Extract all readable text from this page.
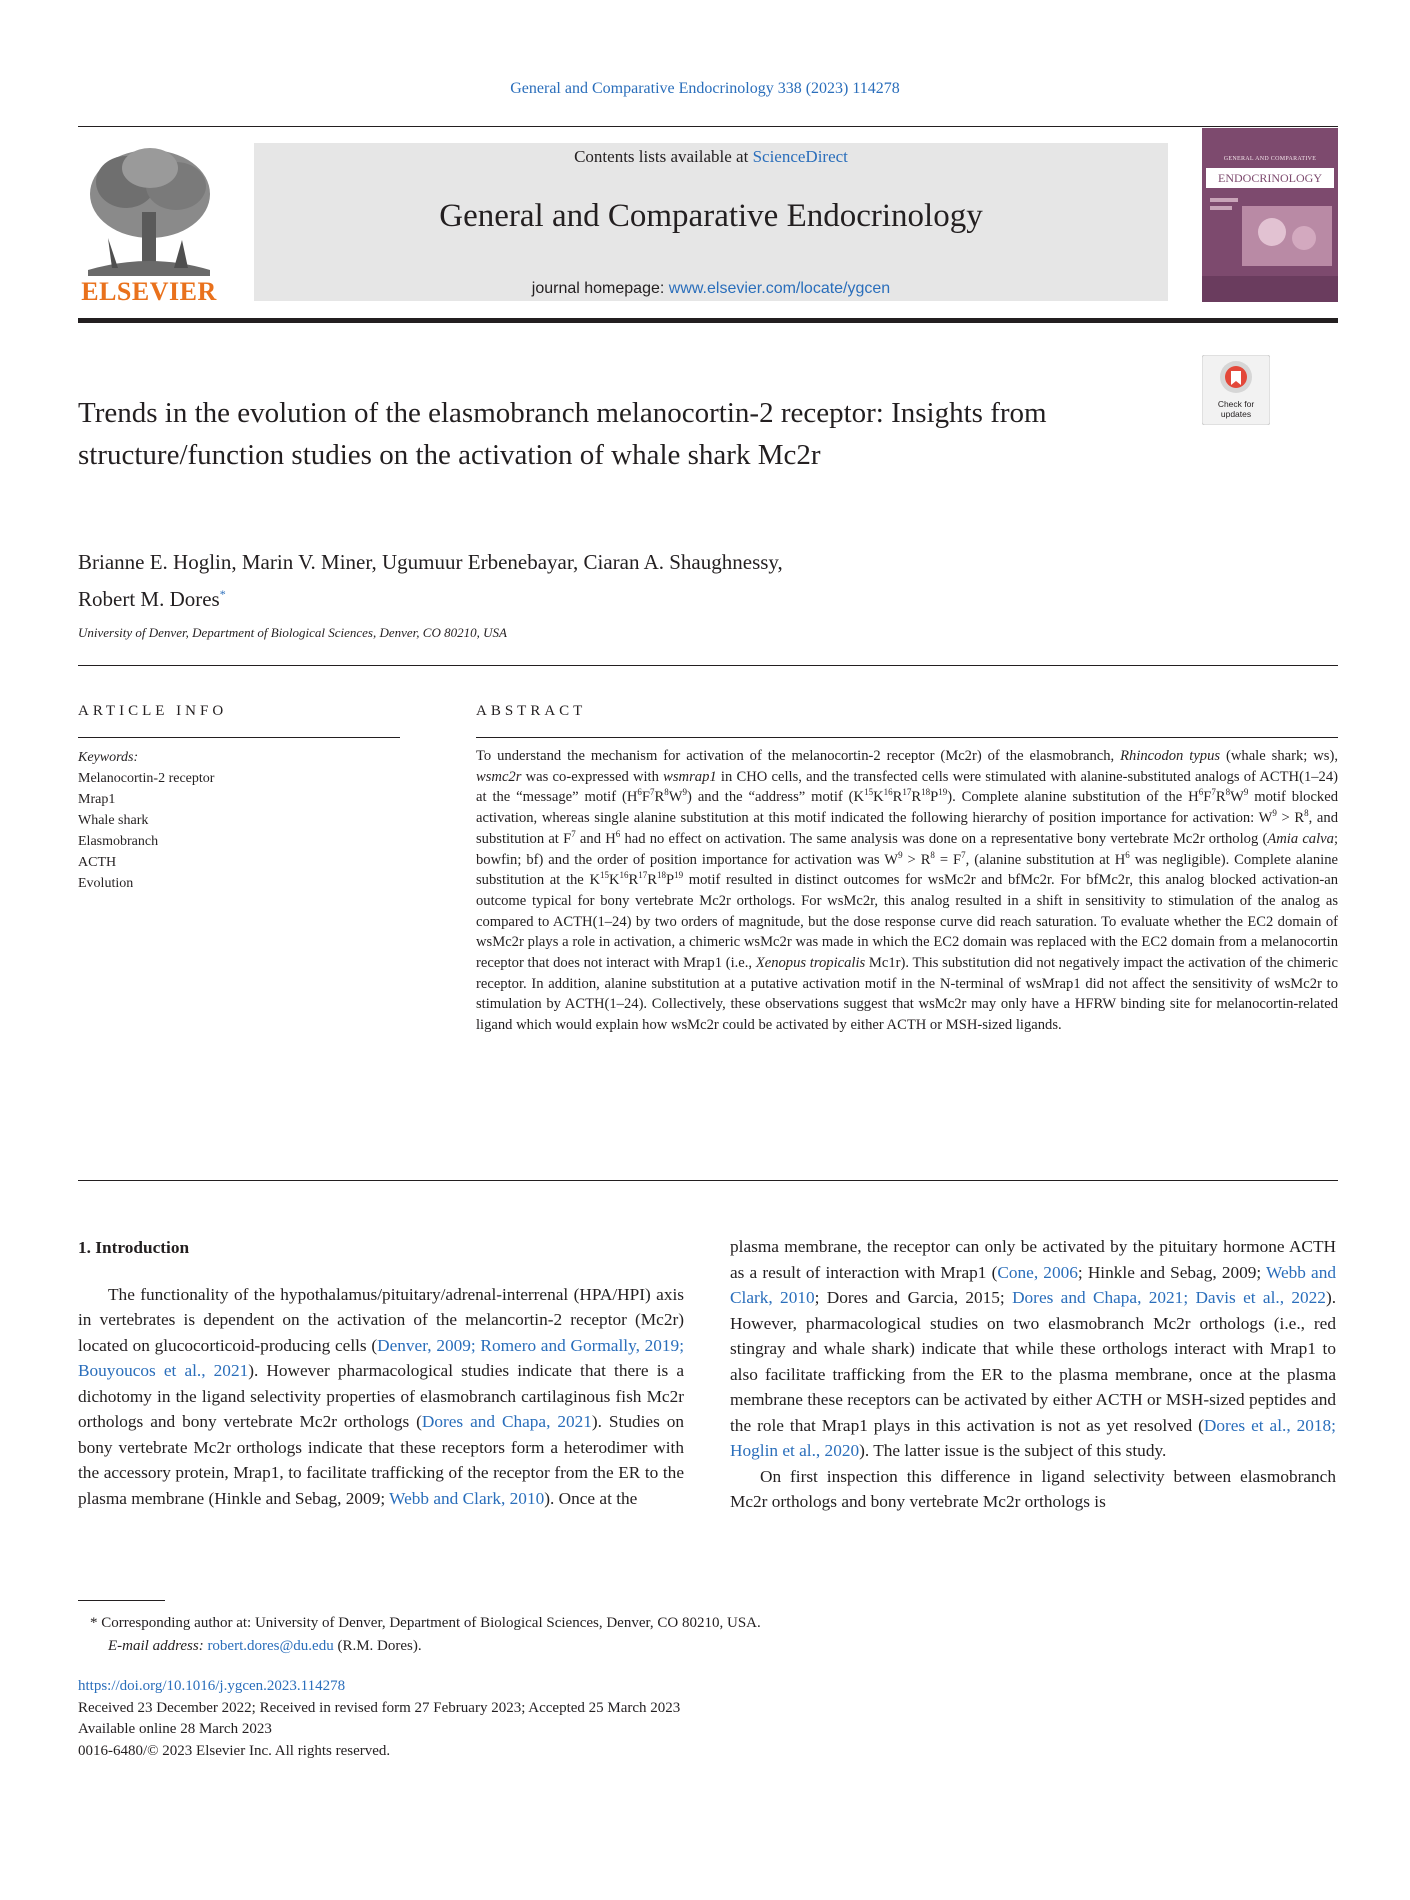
General and Comparative Endocrinology 338 (2023) 114278
ELSEVIER
Contents lists available at ScienceDirect
General and Comparative Endocrinology
journal homepage: www.elsevier.com/locate/ygcen
GENERAL AND COMPARATIVE
ENDOCRINOLOGY
Check for
updates
Trends in the evolution of the elasmobranch melanocortin-2 receptor: Insights from structure/function studies on the activation of whale shark Mc2r
Brianne E. Hoglin, Marin V. Miner, Ugumuur Erbenebayar, Ciaran A. Shaughnessy,
Robert M. Dores*
University of Denver, Department of Biological Sciences, Denver, CO 80210, USA
ARTICLE INFO	ABSTRACT
Keywords:
Melanocortin-2 receptor
Mrap1
Whale shark
Elasmobranch
ACTH
Evolution

To understand the mechanism for activation of the melanocortin-2 receptor (Mc2r) of the elasmobranch, Rhincodon typus (whale shark; ws), wsmc2r was co-expressed with wsmrap1 in CHO cells, and the transfected cells were stimulated with alanine-substituted analogs of ACTH(1–24) at the “message” motif $(H^6F^7R^8W^9)$ and the “address” motif $(K^{15}K^{16}R^{17}R^{18}P^{19})$. Complete alanine substitution of the $H^6F^7R^8W^9$ motif blocked activation, whereas single alanine substitution at this motif indicated the following hierarchy of position importance for activation: $W^9 > R^8$, and substitution at $F^7$ and $H^6$ had no effect on activation. The same analysis was done on a representative bony vertebrate Mc2r ortholog (Amia calva; bowfin; bf) and the order of position importance for activation was $W^9 > R^8 = F^7$, (alanine substitution at $H^6$ was negligible). Complete alanine substitution at the $K^{15}K^{16}R^{17}R^{18}P^{19}$ motif resulted in distinct outcomes for wsMc2r and bfMc2r. For bfMc2r, this analog blocked activation-an outcome typical for bony vertebrate Mc2r orthologs. For wsMc2r, this analog resulted in a shift in sensitivity to stimulation of the analog as compared to ACTH(1–24) by two orders of magnitude, but the dose response curve did reach saturation. To evaluate whether the EC2 domain of wsMc2r plays a role in activation, a chimeric wsMc2r was made in which the EC2 domain was replaced with the EC2 domain from a melanocortin receptor that does not interact with Mrap1 (i.e., Xenopus tropicalis Mc1r). This substitution did not negatively impact the activation of the chimeric receptor. In addition, alanine substitution at a putative activation motif in the N-terminal of wsMrap1 did not affect the sensitivity of wsMc2r to stimulation by ACTH(1–24). Collectively, these observations suggest that wsMc2r may only have a HFRW binding site for melanocortin-related ligand which would explain how wsMc2r could be activated by either ACTH or MSH-sized ligands.

1. Introduction

The functionality of the hypothalamus/pituitary/adrenal-interrenal (HPA/HPI) axis in vertebrates is dependent on the activation of the melancortin-2 receptor (Mc2r) located on glucocorticoid-producing cells (Denver, 2009; Romero and Gormally, 2019; Bouyoucos et al., 2021). However pharmacological studies indicate that there is a dichotomy in the ligand selectivity properties of elasmobranch cartilaginous fish Mc2r orthologs and bony vertebrate Mc2r orthologs (Dores and Chapa, 2021). Studies on bony vertebrate Mc2r orthologs indicate that these receptors form a heterodimer with the accessory protein, Mrap1, to facilitate trafficking of the receptor from the ER to the plasma membrane (Hinkle and Sebag, 2009; Webb and Clark, 2010). Once at the

plasma membrane, the receptor can only be activated by the pituitary hormone ACTH as a result of interaction with Mrap1 (Cone, 2006; Hinkle and Sebag, 2009; Webb and Clark, 2010; Dores and Garcia, 2015; Dores and Chapa, 2021; Davis et al., 2022). However, pharmacological studies on two elasmobranch Mc2r orthologs (i.e., red stingray and whale shark) indicate that while these orthologs interact with Mrap1 to also facilitate trafficking from the ER to the plasma membrane, once at the plasma membrane these receptors can be activated by either ACTH or MSH-sized peptides and the role that Mrap1 plays in this activation is not as yet resolved (Dores et al., 2018; Hoglin et al., 2020). The latter issue is the subject of this study.

On first inspection this difference in ligand selectivity between elasmobranch Mc2r orthologs and bony vertebrate Mc2r orthologs is

* Corresponding author at: University of Denver, Department of Biological Sciences, Denver, CO 80210, USA.
E-mail address: robert.dores@du.edu (R.M. Dores).
https://doi.org/10.1016/j.ygcen.2023.114278
Received 23 December 2022; Received in revised form 27 February 2023; Accepted 25 March 2023
Available online 28 March 2023
0016-6480/© 2023 Elsevier Inc. All rights reserved.
